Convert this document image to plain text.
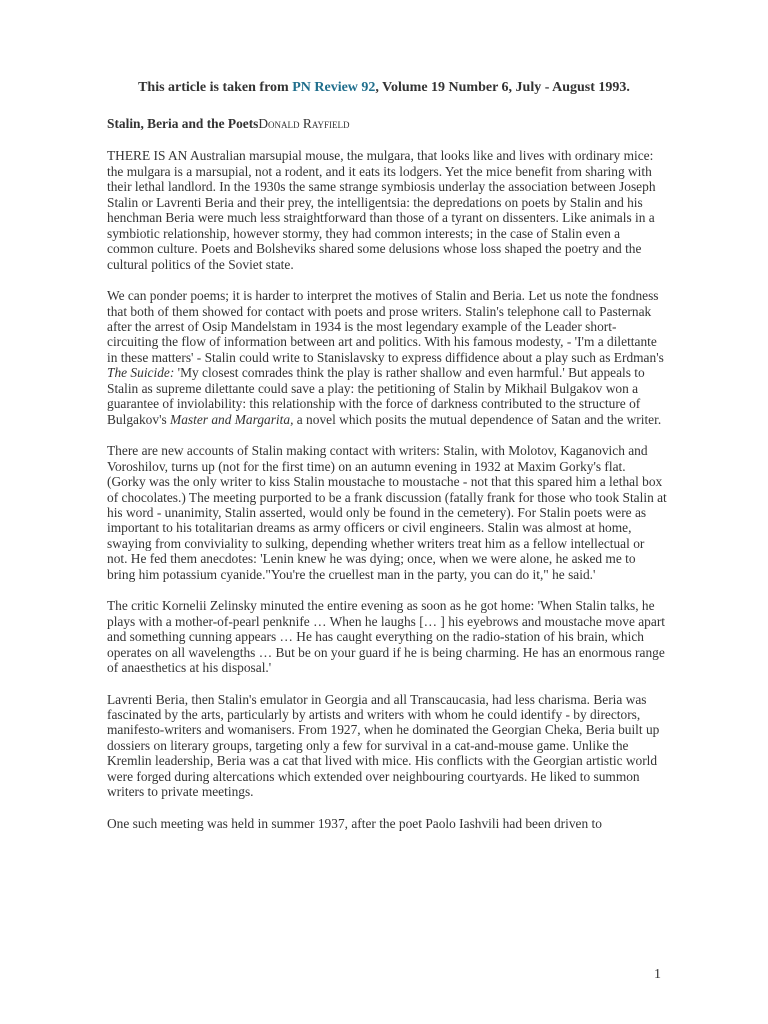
This article is taken from PN Review 92, Volume 19 Number 6, July - August 1993.
Stalin, Beria and the PoetsDonald Rayfield

THERE IS AN Australian marsupial mouse, the mulgara, that looks like and lives with ordinary mice: the mulgara is a marsupial, not a rodent, and it eats its lodgers. Yet the mice benefit from sharing with their lethal landlord. In the 1930s the same strange symbiosis underlay the association between Joseph Stalin or Lavrenti Beria and their prey, the intelligentsia: the depredations on poets by Stalin and his henchman Beria were much less straightforward than those of a tyrant on dissenters. Like animals in a symbiotic relationship, however stormy, they had common interests; in the case of Stalin even a common culture. Poets and Bolsheviks shared some delusions whose loss shaped the poetry and the cultural politics of the Soviet state.

We can ponder poems; it is harder to interpret the motives of Stalin and Beria. Let us note the fondness that both of them showed for contact with poets and prose writers. Stalin's telephone call to Pasternak after the arrest of Osip Mandelstam in 1934 is the most legendary example of the Leader short-circuiting the flow of information between art and politics. With his famous modesty, - 'I'm a dilettante in these matters' - Stalin could write to Stanislavsky to express diffidence about a play such as Erdman's The Suicide: 'My closest comrades think the play is rather shallow and even harmful.' But appeals to Stalin as supreme dilettante could save a play: the petitioning of Stalin by Mikhail Bulgakov won a guarantee of inviolability: this relationship with the force of darkness contributed to the structure of Bulgakov's Master and Margarita, a novel which posits the mutual dependence of Satan and the writer.

There are new accounts of Stalin making contact with writers: Stalin, with Molotov, Kaganovich and Voroshilov, turns up (not for the first time) on an autumn evening in 1932 at Maxim Gorky's flat. (Gorky was the only writer to kiss Stalin moustache to moustache - not that this spared him a lethal box of chocolates.) The meeting purported to be a frank discussion (fatally frank for those who took Stalin at his word - unanimity, Stalin asserted, would only be found in the cemetery). For Stalin poets were as important to his totalitarian dreams as army officers or civil engineers. Stalin was almost at home, swaying from conviviality to sulking, depending whether writers treat him as a fellow intellectual or not. He fed them anecdotes: 'Lenin knew he was dying; once, when we were alone, he asked me to bring him potassium cyanide."You're the cruellest man in the party, you can do it," he said.'

The critic Kornelii Zelinsky minuted the entire evening as soon as he got home: 'When Stalin talks, he plays with a mother-of-pearl penknife … When he laughs [… ] his eyebrows and moustache move apart and something cunning appears … He has caught everything on the radio-station of his brain, which operates on all wavelengths … But be on your guard if he is being charming. He has an enormous range of anaesthetics at his disposal.'

Lavrenti Beria, then Stalin's emulator in Georgia and all Transcaucasia, had less charisma. Beria was fascinated by the arts, particularly by artists and writers with whom he could identify - by directors, manifesto-writers and womanisers. From 1927, when he dominated the Georgian Cheka, Beria built up dossiers on literary groups, targeting only a few for survival in a cat-and-mouse game. Unlike the Kremlin leadership, Beria was a cat that lived with mice. His conflicts with the Georgian artistic world were forged during altercations which extended over neighbouring courtyards. He liked to summon writers to private meetings.

One such meeting was held in summer 1937, after the poet Paolo Iashvili had been driven to

1
